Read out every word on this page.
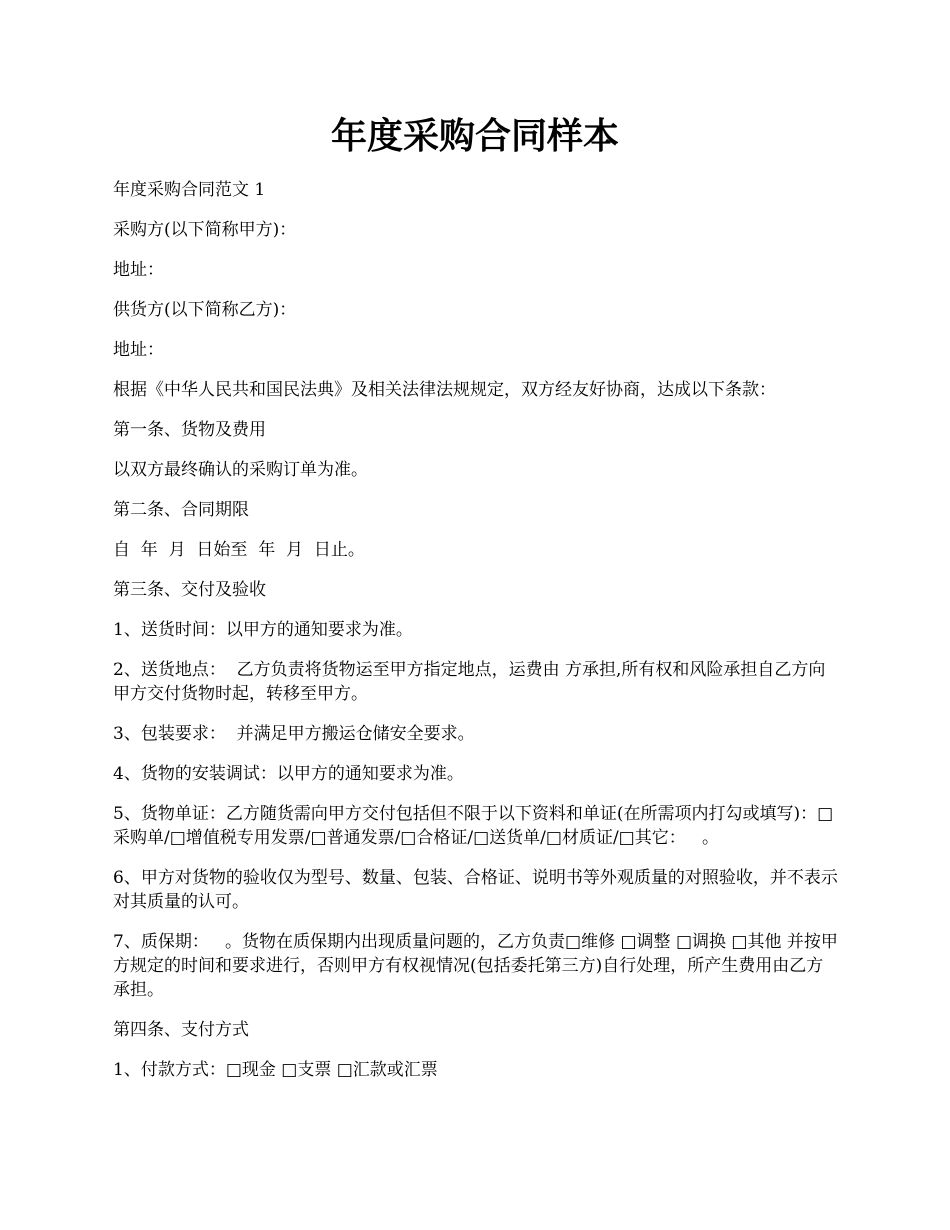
年度采购合同样本

年度采购合同范文 1

采购方(以下简称甲方)：

地址：

供货方(以下简称乙方)：

地址：

根据《中华人民共和国民法典》及相关法律法规规定，双方经友好协商，达成以下条款：

第一条、货物及费用

以双方最终确认的采购订单为准。

第二条、合同期限

自  年  月  日始至  年  月  日止。

第三条、交付及验收

1、送货时间：以甲方的通知要求为准。

2、送货地点：  乙方负责将货物运至甲方指定地点，运费由 方承担,所有权和风险承担自乙方向甲方交付货物时起，转移至甲方。

3、包装要求：  并满足甲方搬运仓储安全要求。

4、货物的安装调试：以甲方的通知要求为准。

5、货物单证：乙方随货需向甲方交付包括但不限于以下资料和单证(在所需项内打勾或填写)：□采购单/□增值税专用发票/□普通发票/□合格证/□送货单/□材质证/□其它：   。

6、甲方对货物的验收仅为型号、数量、包装、合格证、说明书等外观质量的对照验收，并不表示对其质量的认可。

7、质保期：   。货物在质保期内出现质量问题的，乙方负责□维修 □调整 □调换 □其他 并按甲方规定的时间和要求进行，否则甲方有权视情况(包括委托第三方)自行处理，所产生费用由乙方承担。

第四条、支付方式

1、付款方式：□现金 □支票 □汇款或汇票
